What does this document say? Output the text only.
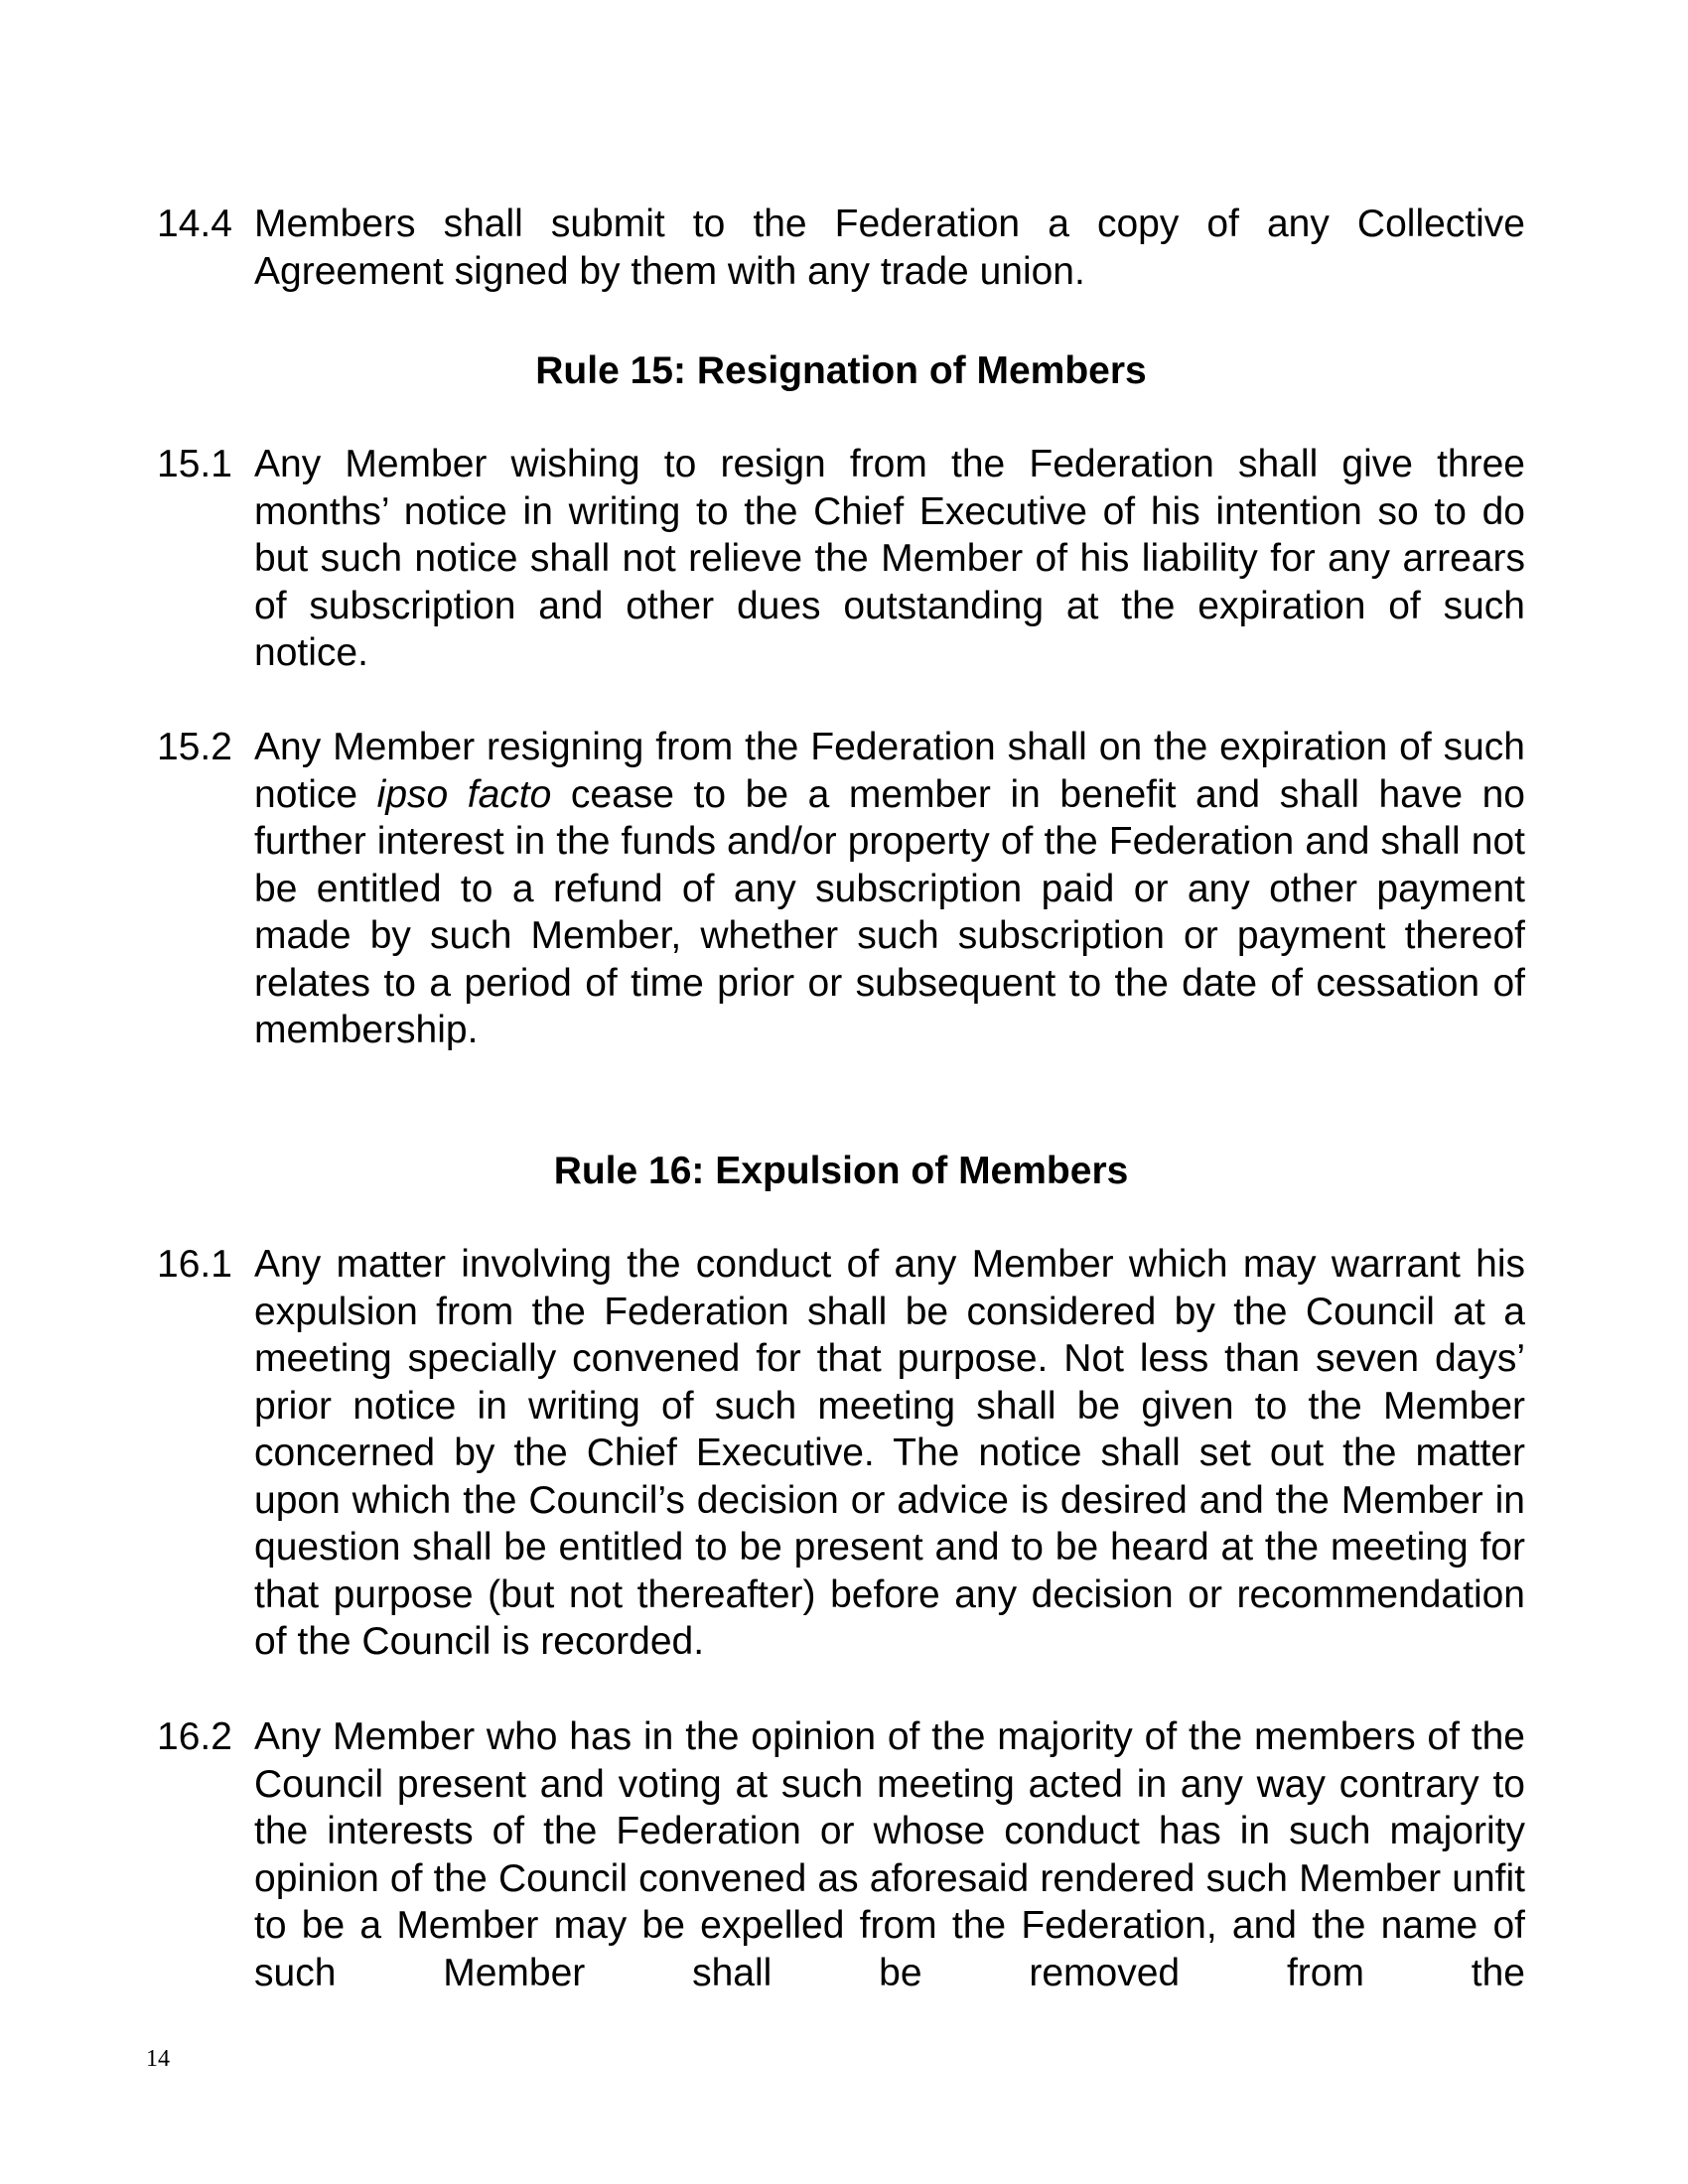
14.4 Members shall submit to the Federation a copy of any Collective Agreement signed by them with any trade union.
Rule 15: Resignation of Members
15.1 Any Member wishing to resign from the Federation shall give three months’ notice in writing to the Chief Executive of his intention so to do but such notice shall not relieve the Member of his liability for any arrears of subscription and other dues outstanding at the expiration of such notice.
15.2 Any Member resigning from the Federation shall on the expiration of such notice ipso facto cease to be a member in benefit and shall have no further interest in the funds and/or property of the Federation and shall not be entitled to a refund of any subscription paid or any other payment made by such Member, whether such subscription or payment thereof relates to a period of time prior or subsequent to the date of cessation of membership.
Rule 16: Expulsion of Members
16.1 Any matter involving the conduct of any Member which may warrant his expulsion from the Federation shall be considered by the Council at a meeting specially convened for that purpose. Not less than seven days’ prior notice in writing of such meeting shall be given to the Member concerned by the Chief Executive. The notice shall set out the matter upon which the Council’s decision or advice is desired and the Member in question shall be entitled to be present and to be heard at the meeting for that purpose (but not thereafter) before any decision or recommendation of the Council is recorded.
16.2 Any Member who has in the opinion of the majority of the members of the Council present and voting at such meeting acted in any way contrary to the interests of the Federation or whose conduct has in such majority opinion of the Council convened as aforesaid rendered such Member unfit to be a Member may be expelled from the Federation, and the name of such Member shall be removed from the
14
